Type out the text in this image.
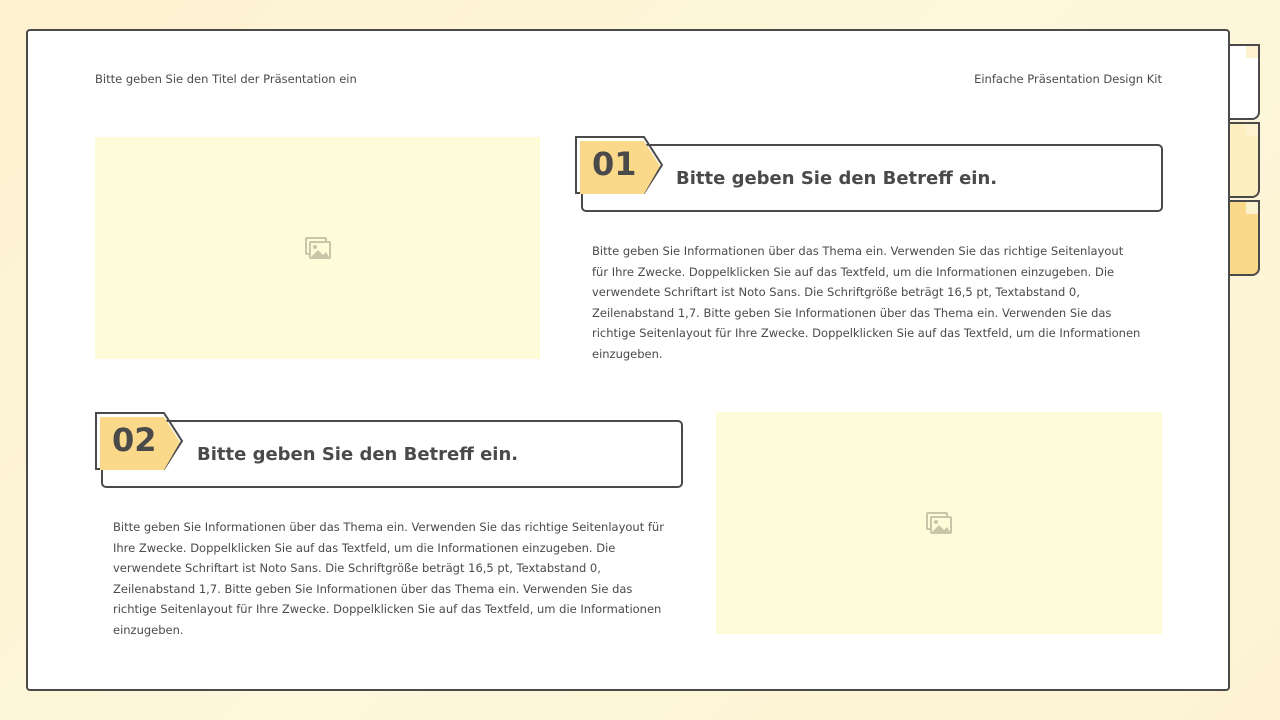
Bitte geben Sie den Titel der Präsentation ein	Einfache Präsentation Design Kit
01 Bitte geben Sie den Betreff ein.
Bitte geben Sie Informationen über das Thema ein. Verwenden Sie das richtige Seitenlayout für Ihre Zwecke. Doppelklicken Sie auf das Textfeld, um die Informationen einzugeben. Die verwendete Schriftart ist Noto Sans. Die Schriftgröße beträgt 16,5 pt, Textabstand 0, Zeilenabstand 1,7. Bitte geben Sie Informationen über das Thema ein. Verwenden Sie das richtige Seitenlayout für Ihre Zwecke. Doppelklicken Sie auf das Textfeld, um die Informationen einzugeben.
02 Bitte geben Sie den Betreff ein.
Bitte geben Sie Informationen über das Thema ein. Verwenden Sie das richtige Seitenlayout für Ihre Zwecke. Doppelklicken Sie auf das Textfeld, um die Informationen einzugeben. Die verwendete Schriftart ist Noto Sans. Die Schriftgröße beträgt 16,5 pt, Textabstand 0, Zeilenabstand 1,7. Bitte geben Sie Informationen über das Thema ein. Verwenden Sie das richtige Seitenlayout für Ihre Zwecke. Doppelklicken Sie auf das Textfeld, um die Informationen einzugeben.
